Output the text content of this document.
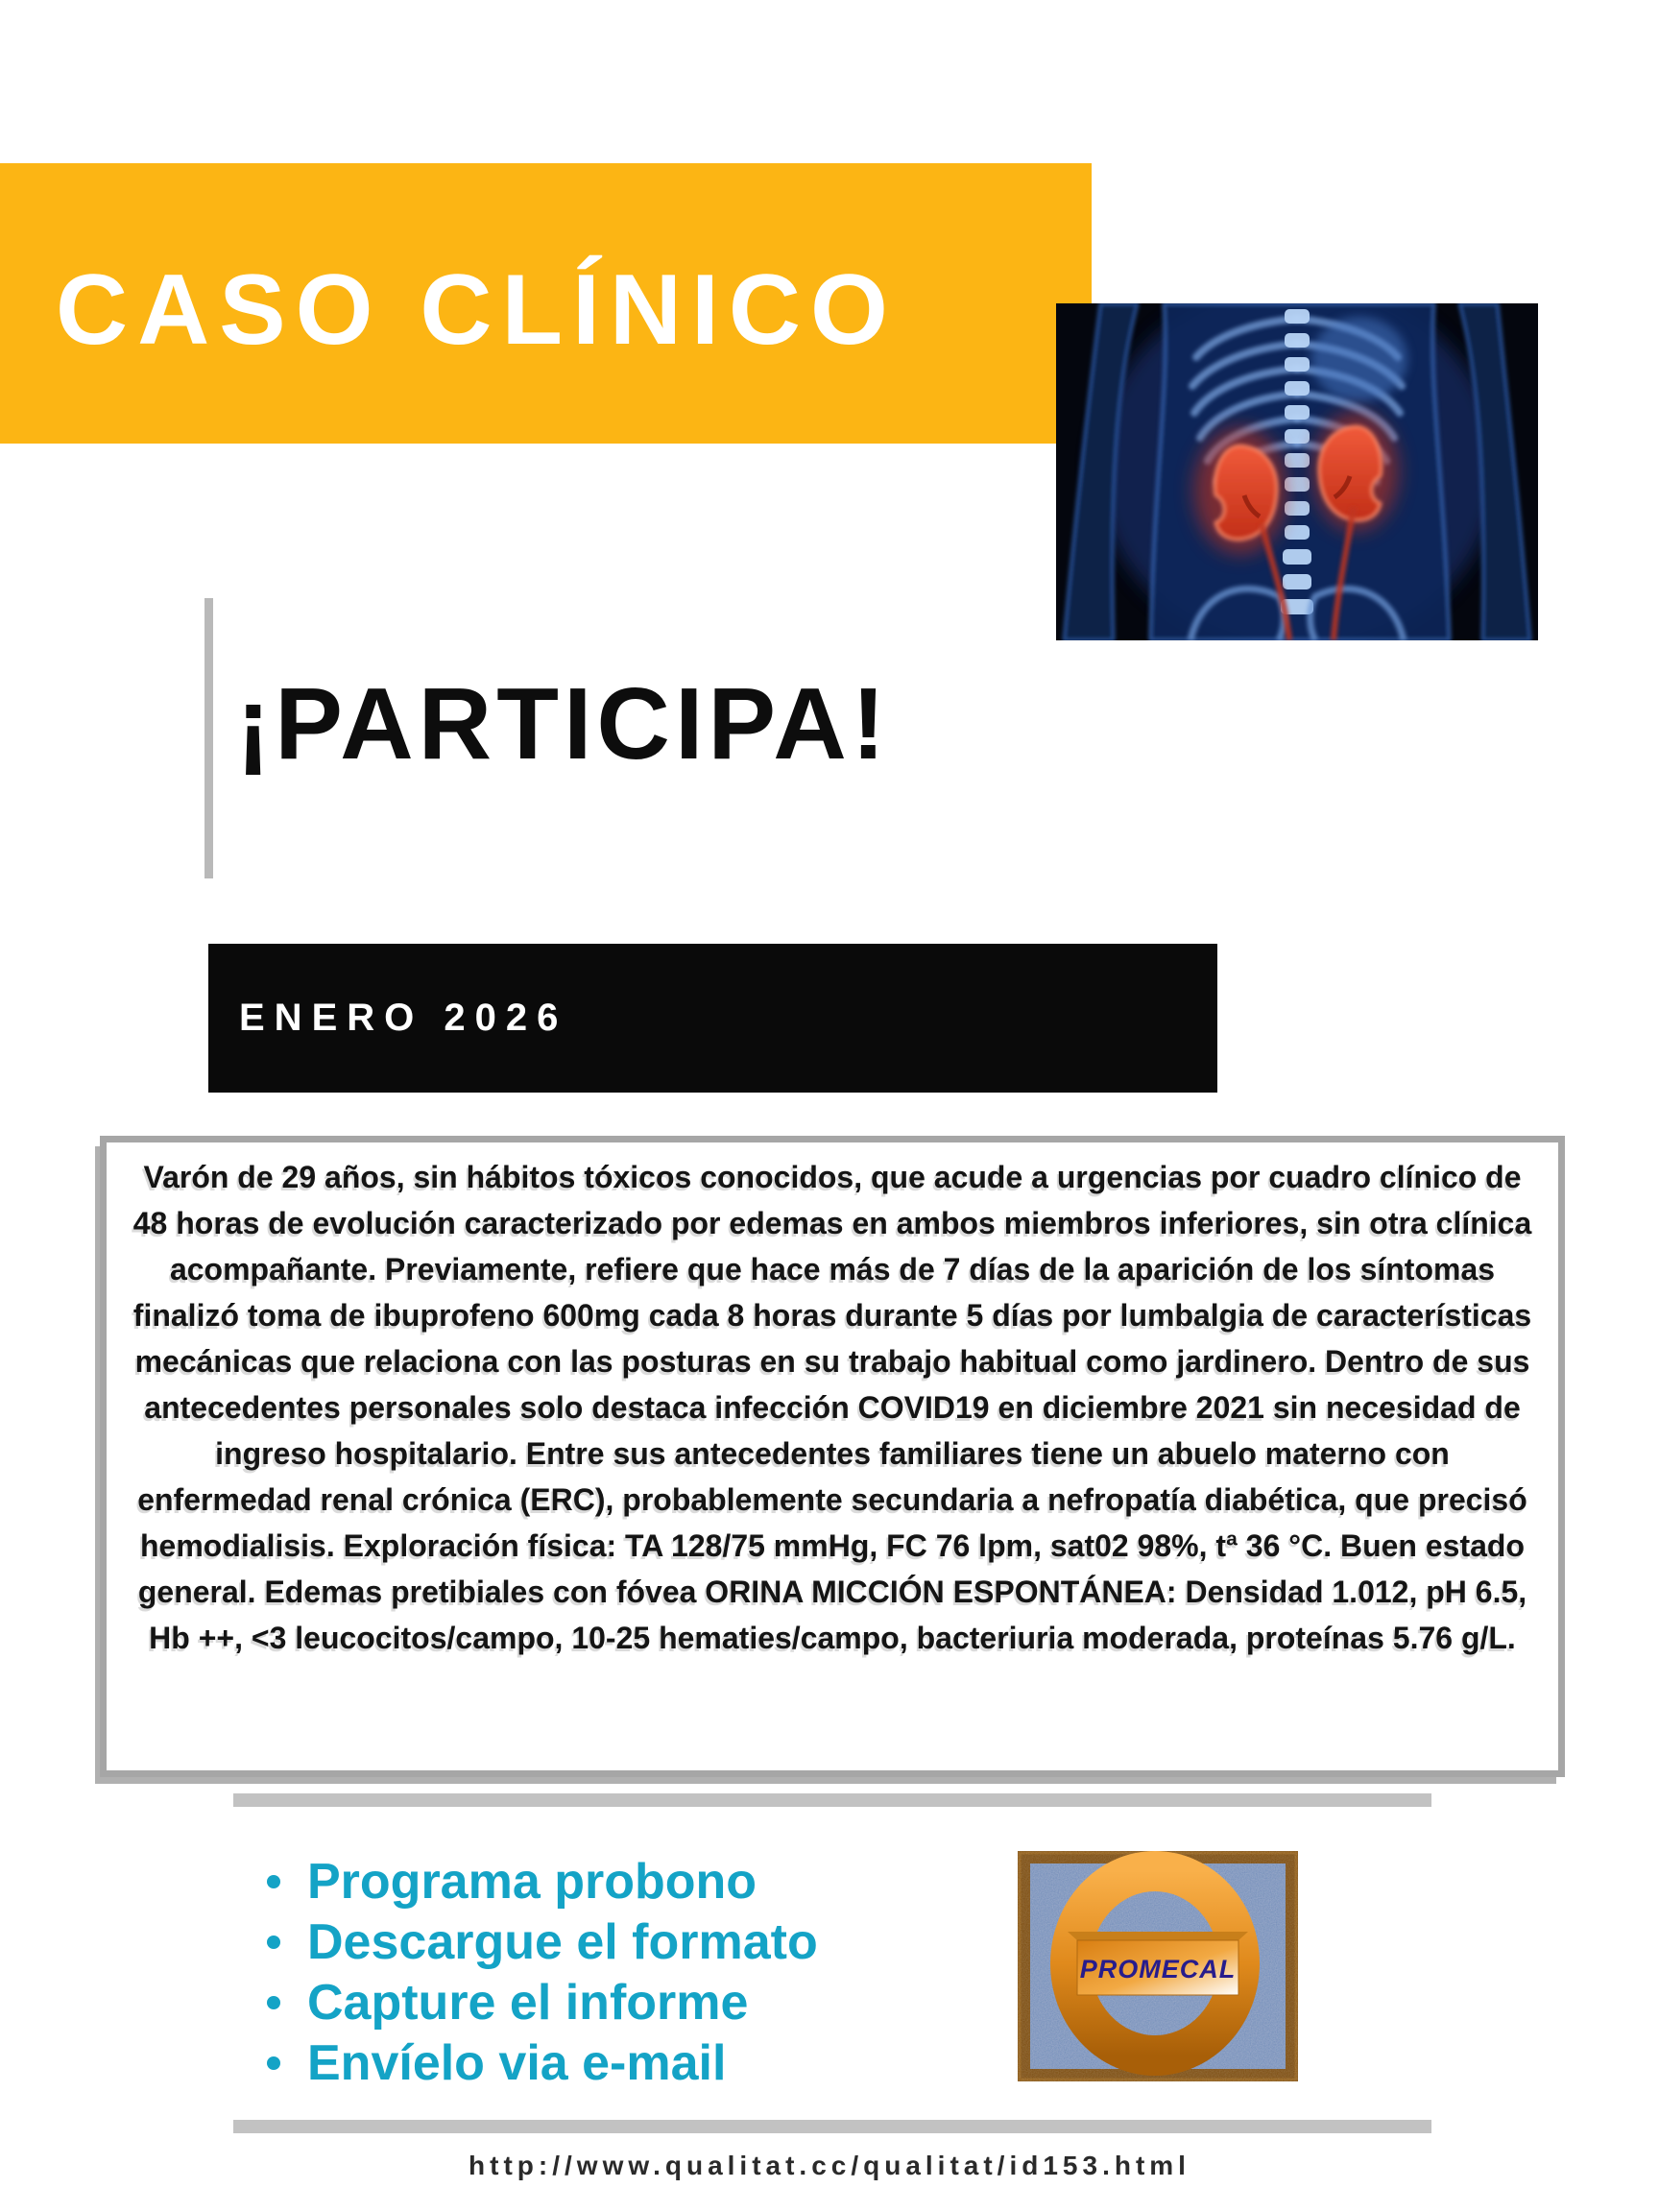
CASO CLÍNICO
¡PARTICIPA!
ENERO 2026

Varón de 29 años, sin hábitos tóxicos conocidos, que acude a urgencias por cuadro clínico de 48 horas de evolución caracterizado por edemas en ambos miembros inferiores, sin otra clínica acompañante. Previamente, refiere que hace más de 7 días de la aparición de los síntomas finalizó toma de ibuprofeno 600mg cada 8 horas durante 5 días por lumbalgia de características mecánicas que relaciona con las posturas en su trabajo habitual como jardinero. Dentro de sus antecedentes personales solo destaca infección COVID19 en diciembre 2021 sin necesidad de ingreso hospitalario. Entre sus antecedentes familiares tiene un abuelo materno con enfermedad renal crónica (ERC), probablemente secundaria a nefropatía diabética, que precisó hemodialisis. Exploración física: TA 128/75 mmHg, FC 76 lpm, sat02 98%, tª 36 °C. Buen estado general. Edemas pretibiales con fóvea ORINA MICCIÓN ESPONTÁNEA: Densidad 1.012, pH 6.5, Hb ++, <3 leucocitos/campo, 10-25 hematies/campo, bacteriuria moderada, proteínas 5.76 g/L.

Programa probono
Descargue el formato
Capture el informe
Envíelo via e-mail
PROMECAL
http://www.qualitat.cc/qualitat/id153.html
